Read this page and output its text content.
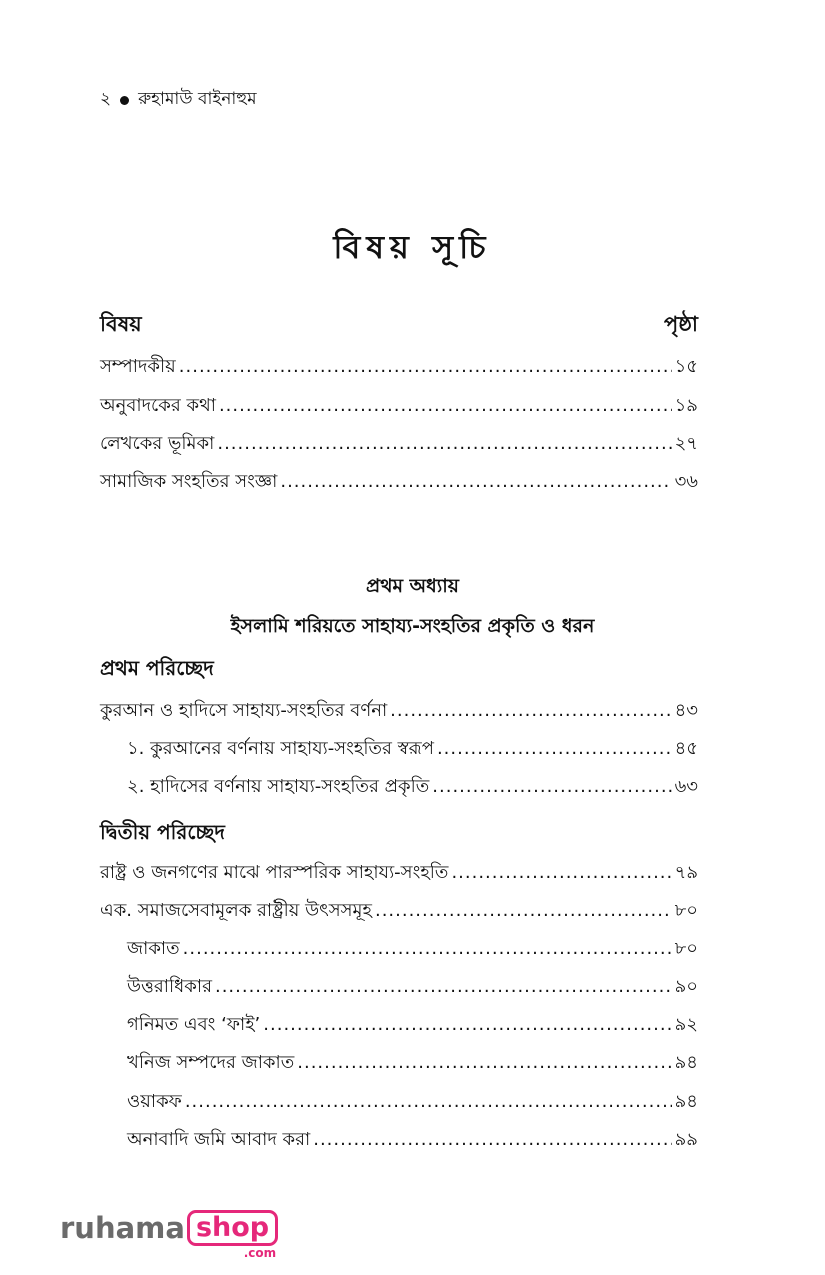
২ রুহামাউ বাইনাহুম
বিষয় সূচি
বিষয়	পৃষ্ঠা
সম্পাদকীয় .....	১৫
অনুবাদকের কথা .....	১৯
লেখকের ভূমিকা .....	২৭
সামাজিক সংহতির সংজ্ঞা .....	৩৬
প্রথম অধ্যায়
ইসলামি শরিয়তে সাহায্য-সংহতির প্রকৃতি ও ধরন
প্রথম পরিচ্ছেদ
কুরআন ও হাদিসে সাহায্য-সংহতির বর্ণনা .....	৪৩
১. কুরআনের বর্ণনায় সাহায্য-সংহতির স্বরূপ .....	৪৫
২. হাদিসের বর্ণনায় সাহায্য-সংহতির প্রকৃতি .....	৬৩
দ্বিতীয় পরিচ্ছেদ
রাষ্ট্র ও জনগণের মাঝে পারস্পরিক সাহায্য-সংহতি .....	৭৯
এক. সমাজসেবামূলক রাষ্ট্রীয় উৎসসমূহ .....	৮০
জাকাত .....	৮০
উত্তরাধিকার .....	৯০
গনিমত এবং ‘ফাই’ .....	৯২
খনিজ সম্পদের জাকাত .....	৯৪
ওয়াকফ .....	৯৪
অনাবাদি জমি আবাদ করা .....	৯৯
ruhama shop
.com
